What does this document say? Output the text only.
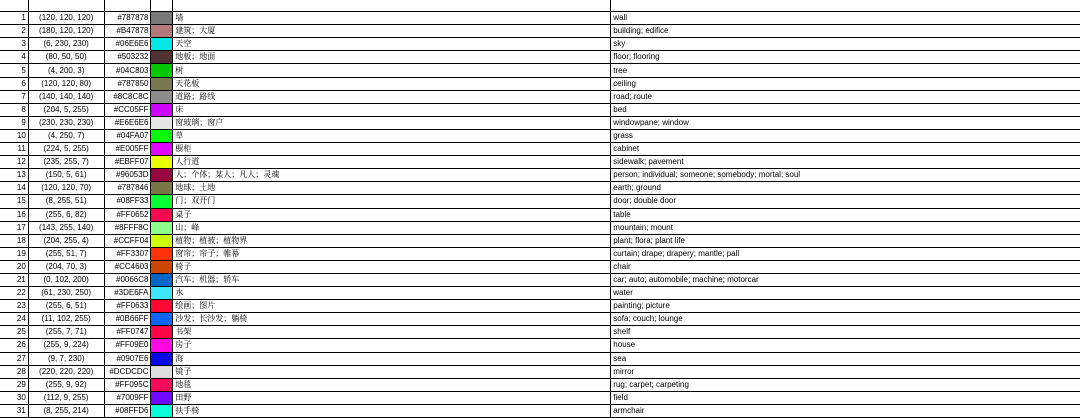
1	(120, 120, 120)	#787878		墙	wall
2	(180, 120, 120)	#B47878		建筑；大厦	building; edifice
3	(6, 230, 230)	#06E6E6		天空	sky
4	(80, 50, 50)	#503232		地板；地面	floor; flooring
5	(4, 200, 3)	#04C803		树	tree
6	(120, 120, 80)	#787850		天花板	ceiling
7	(140, 140, 140)	#8C8C8C		道路；路线	road; route
8	(204, 5, 255)	#CC05FF		床	bed
9	(230, 230, 230)	#E6E6E6		窗玻璃；窗户	windowpane; window
10	(4, 250, 7)	#04FA07		草	grass
11	(224, 5, 255)	#E005FF		橱柜	cabinet
12	(235, 255, 7)	#EBFF07		人行道	sidewalk; pavement
13	(150, 5, 61)	#96053D		人；个体；某人；凡人；灵魂	person; individual; someone; somebody; mortal; soul
14	(120, 120, 70)	#787846		地球；土地	earth; ground
15	(8, 255, 51)	#08FF33		门；双开门	door; double door
16	(255, 6, 82)	#FF0652		桌子	table
17	(143, 255, 140)	#8FFF8C		山；峰	mountain; mount
18	(204, 255, 4)	#CCFF04		植物；植被；植物界	plant; flora; plant life
19	(255, 51, 7)	#FF3307		窗帘；帘子；帷幕	curtain; drape; drapery; mantle; pall
20	(204, 70, 3)	#CC4603		椅子	chair
21	(0, 102, 200)	#0066C8		汽车；机器；轿车	car; auto; automobile; machine; motorcar
22	(61, 230, 250)	#3DE6FA		水	water
23	(255, 6, 51)	#FF0633		绘画；图片	painting; picture
24	(11, 102, 255)	#0B66FF		沙发；长沙发；躺椅	sofa; couch; lounge
25	(255, 7, 71)	#FF0747		书架	shelf
26	(255, 9, 224)	#FF09E0		房子	house
27	(9, 7, 230)	#0907E6		海	sea
28	(220, 220, 220)	#DCDCDC		镜子	mirror
29	(255, 9, 92)	#FF095C		地毯	rug; carpet; carpeting
30	(112, 9, 255)	#7009FF		田野	field
31	(8, 255, 214)	#08FFD6		扶手椅	armchair
